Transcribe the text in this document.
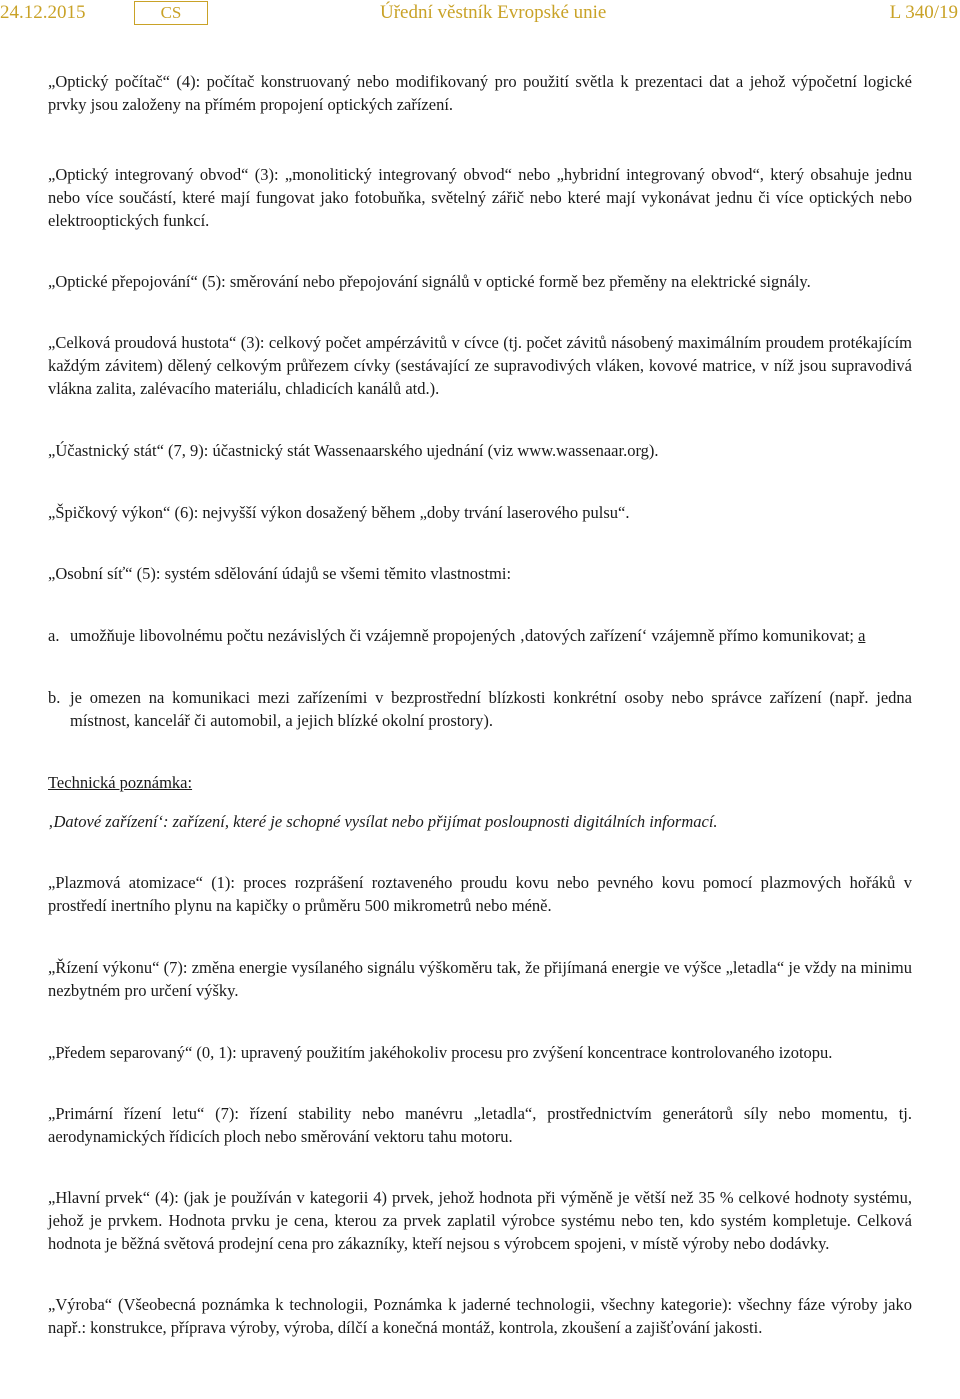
24.12.2015	CS	Úřední věstník Evropské unie	L 340/19

„Optický počítač“ (4): počítač konstruovaný nebo modifikovaný pro použití světla k prezentaci dat a jehož výpočetní logické prvky jsou založeny na přímém propojení optických zařízení.

„Optický integrovaný obvod“ (3): „monolitický integrovaný obvod“ nebo „hybridní integrovaný obvod“, který obsahuje jednu nebo více součástí, které mají fungovat jako fotobuňka, světelný zářič nebo které mají vykonávat jednu či více optických nebo elektrooptických funkcí.

„Optické přepojování“ (5): směrování nebo přepojování signálů v optické formě bez přeměny na elektrické signály.

„Celková proudová hustota“ (3): celkový počet ampérzávitů v cívce (tj. počet závitů násobený maximálním proudem protékajícím každým závitem) dělený celkovým průřezem cívky (sestávající ze supravodivých vláken, kovové matrice, v níž jsou supravodivá vlákna zalita, zalévacího materiálu, chladicích kanálů atd.).

„Účastnický stát“ (7, 9): účastnický stát Wassenaarského ujednání (viz www.wassenaar.org).

„Špičkový výkon“ (6): nejvyšší výkon dosažený během „doby trvání laserového pulsu“.

„Osobní síť“ (5): systém sdělování údajů se všemi těmito vlastnostmi:

a. umožňuje libovolnému počtu nezávislých či vzájemně propojených ‚datových zařízení‘ vzájemně přímo komunikovat; a
b. je omezen na komunikaci mezi zařízeními v bezprostřední blízkosti konkrétní osoby nebo správce zařízení (např. jedna místnost, kancelář či automobil, a jejich blízké okolní prostory).

Technická poznámka:

‚Datové zařízení‘: zařízení, které je schopné vysílat nebo přijímat posloupnosti digitálních informací.

„Plazmová atomizace“ (1): proces rozprášení roztaveného proudu kovu nebo pevného kovu pomocí plazmových hořáků v prostředí inertního plynu na kapičky o průměru 500 mikrometrů nebo méně.

„Řízení výkonu“ (7): změna energie vysílaného signálu výškoměru tak, že přijímaná energie ve výšce „letadla“ je vždy na minimu nezbytném pro určení výšky.

„Předem separovaný“ (0, 1): upravený použitím jakéhokoliv procesu pro zvýšení koncentrace kontrolovaného izotopu.

„Primární řízení letu“ (7): řízení stability nebo manévru „letadla“, prostřednictvím generátorů síly nebo momentu, tj. aerodynamických řídicích ploch nebo směrování vektoru tahu motoru.

„Hlavní prvek“ (4): (jak je používán v kategorii 4) prvek, jehož hodnota při výměně je větší než 35 % celkové hodnoty systému, jehož je prvkem. Hodnota prvku je cena, kterou za prvek zaplatil výrobce systému nebo ten, kdo systém kompletuje. Celková hodnota je běžná světová prodejní cena pro zákazníky, kteří nejsou s výrobcem spojeni, v místě výroby nebo dodávky.

„Výroba“ (Všeobecná poznámka k technologii, Poznámka k jaderné technologii, všechny kategorie): všechny fáze výroby jako např.: konstrukce, příprava výroby, výroba, dílčí a konečná montáž, kontrola, zkoušení a zajišťování jakosti.
